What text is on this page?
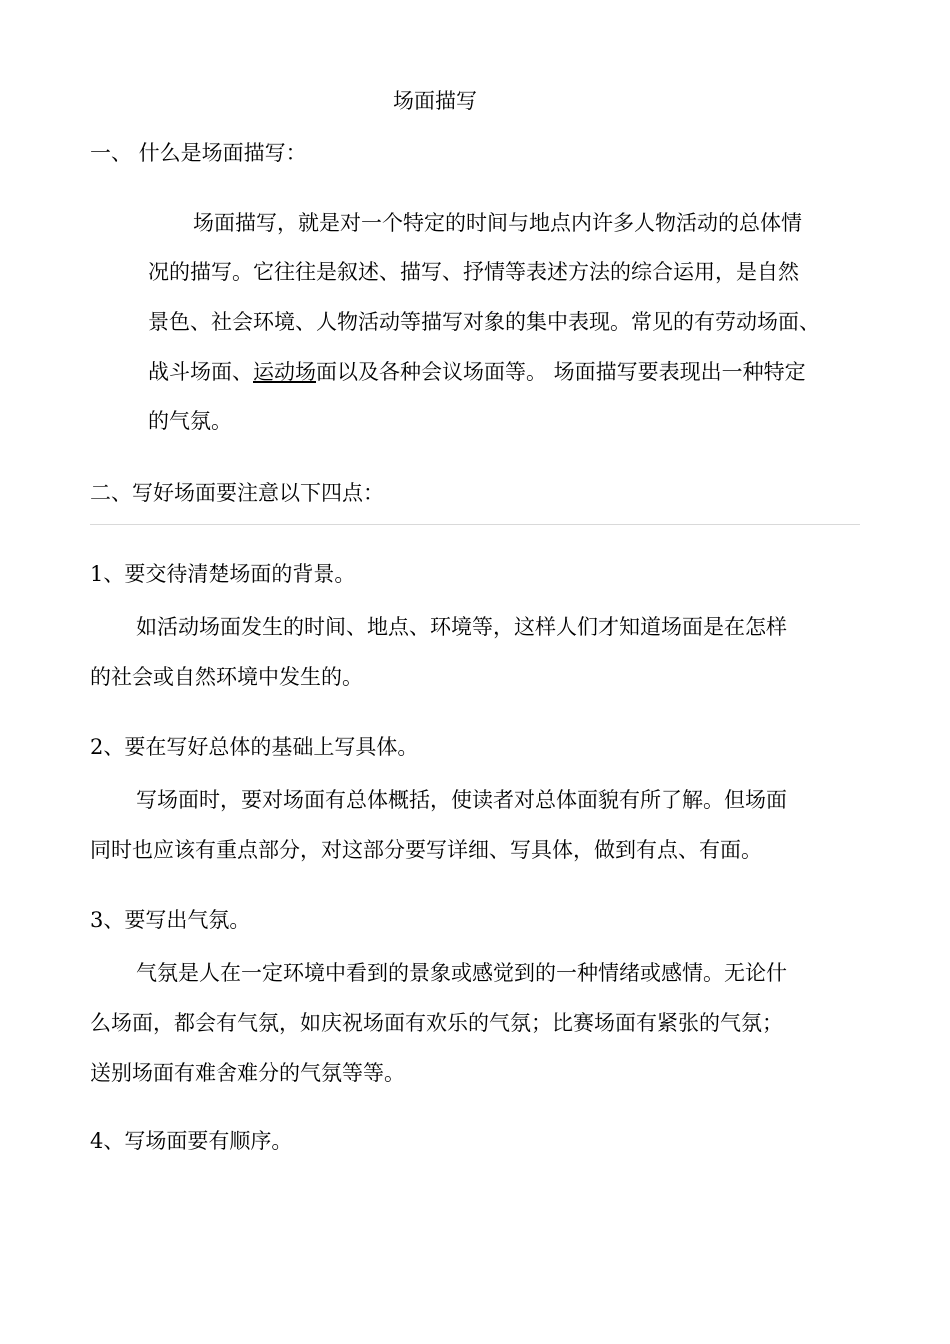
场面描写
一、 什么是场面描写：
场面描写，就是对一个特定的时间与地点内许多人物活动的总体情
况的描写。它往往是叙述、描写、抒情等表述方法的综合运用，是自然
景色、社会环境、人物活动等描写对象的集中表现。常见的有劳动场面、
战斗场面、运动场面以及各种会议场面等。 场面描写要表现出一种特定
的气氛。
二、写好场面要注意以下四点：
1、要交待清楚场面的背景。
如活动场面发生的时间、地点、环境等，这样人们才知道场面是在怎样
的社会或自然环境中发生的。
2、要在写好总体的基础上写具体。
写场面时，要对场面有总体概括，使读者对总体面貌有所了解。但场面
同时也应该有重点部分，对这部分要写详细、写具体，做到有点、有面。
3、要写出气氛。
气氛是人在一定环境中看到的景象或感觉到的一种情绪或感情。无论什
么场面，都会有气氛，如庆祝场面有欢乐的气氛；比赛场面有紧张的气氛；
送别场面有难舍难分的气氛等等。
4、写场面要有顺序。
